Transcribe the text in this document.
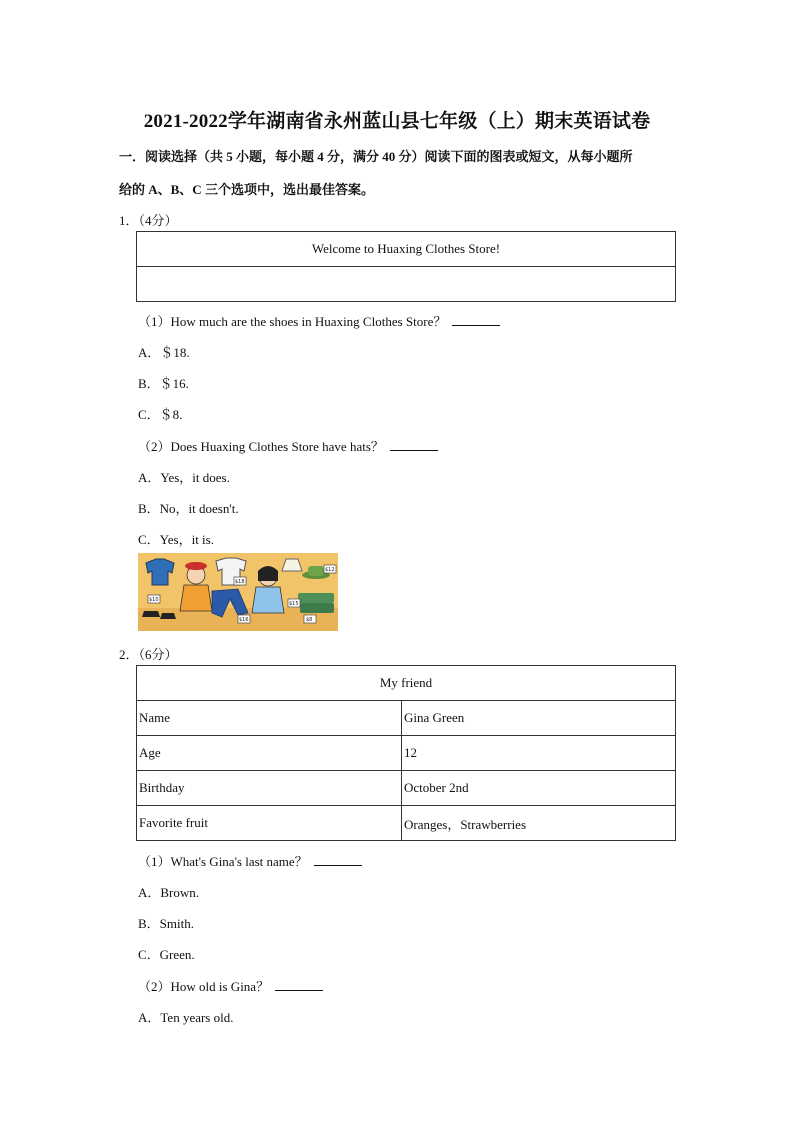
2021-2022学年湖南省永州蓝山县七年级（上）期末英语试卷
一．阅读选择（共 5 小题，每小题 4 分，满分 40 分）阅读下面的图表或短文，从每小题所
给的 A、B、C 三个选项中，选出最佳答案。
1．（4分）
Welcome to Huaxing Clothes Store!

（1）How much are the shoes in Huaxing Clothes Store？
A．＄18.
B．＄16.
C．＄8.
（2）Does Huaxing Clothes Store have hats？
A．Yes，it does.
B．No，it doesn't.
C．Yes，it is.
$10
$18
$16	$8
$12
$15
2．（6分）
My friend	
Name	Gina Green
Age	12
Birthday	October 2nd
Favorite fruit	Oranges，Strawberries
（1）What's Gina's last name？
A．Brown.
B．Smith.
C．Green.
（2）How old is Gina？
A．Ten years old.
